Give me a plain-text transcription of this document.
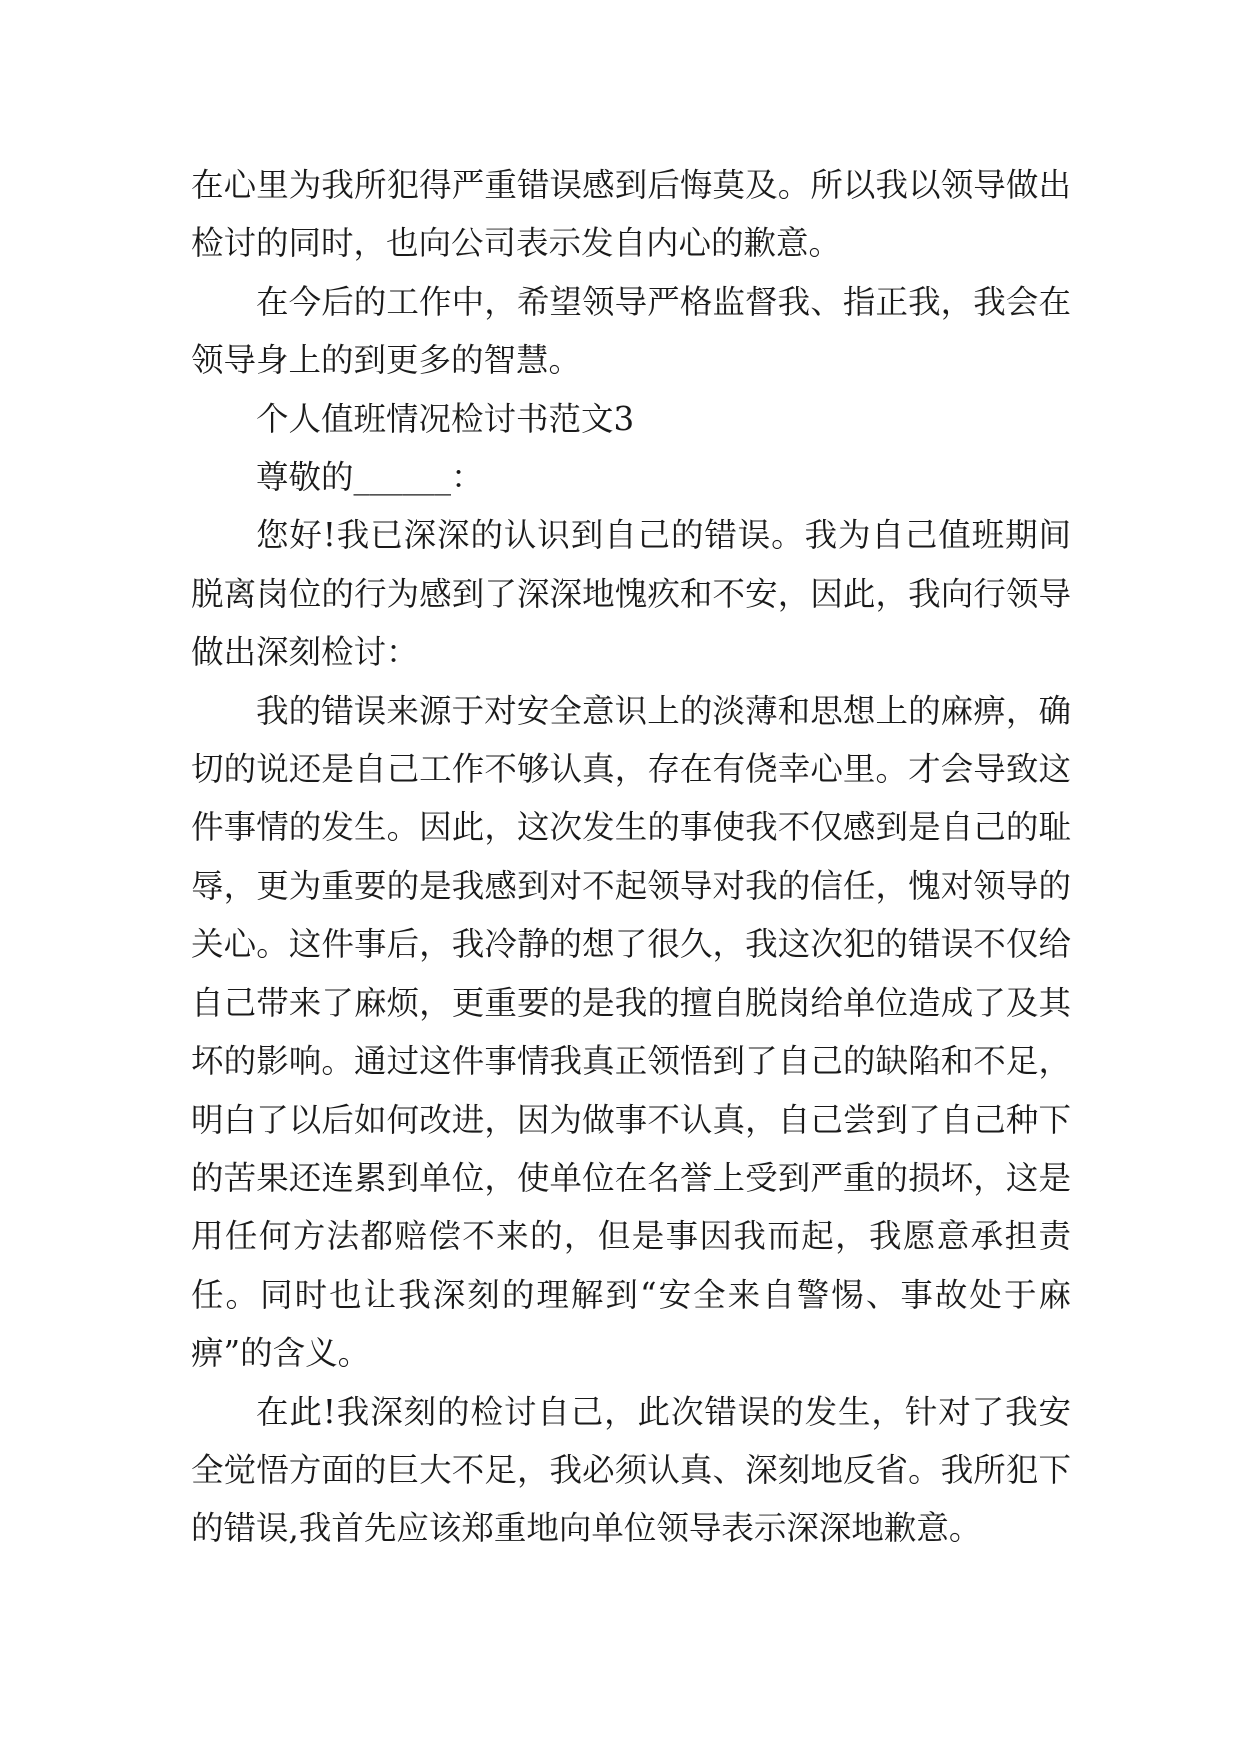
在心里为我所犯得严重错误感到后悔莫及。所以我以领导做出检讨的同时，也向公司表示发自内心的歉意。

在今后的工作中，希望领导严格监督我、指正我，我会在领导身上的到更多的智慧。

个人值班情况检讨书范文3

尊敬的______：

您好!我已深深的认识到自己的错误。我为自己值班期间脱离岗位的行为感到了深深地愧疚和不安，因此，我向行领导做出深刻检讨：

我的错误来源于对安全意识上的淡薄和思想上的麻痹，确切的说还是自己工作不够认真，存在有侥幸心里。才会导致这件事情的发生。因此，这次发生的事使我不仅感到是自己的耻辱，更为重要的是我感到对不起领导对我的信任，愧对领导的关心。这件事后，我冷静的想了很久，我这次犯的错误不仅给自己带来了麻烦，更重要的是我的擅自脱岗给单位造成了及其坏的影响。通过这件事情我真正领悟到了自己的缺陷和不足，明白了以后如何改进，因为做事不认真，自己尝到了自己种下的苦果还连累到单位，使单位在名誉上受到严重的损坏，这是用任何方法都赔偿不来的，但是事因我而起，我愿意承担责任。同时也让我深刻的理解到“安全来自警惕、事故处于麻痹”的含义。

在此!我深刻的检讨自己，此次错误的发生，针对了我安全觉悟方面的巨大不足，我必须认真、深刻地反省。我所犯下的错误,我首先应该郑重地向单位领导表示深深地歉意。
